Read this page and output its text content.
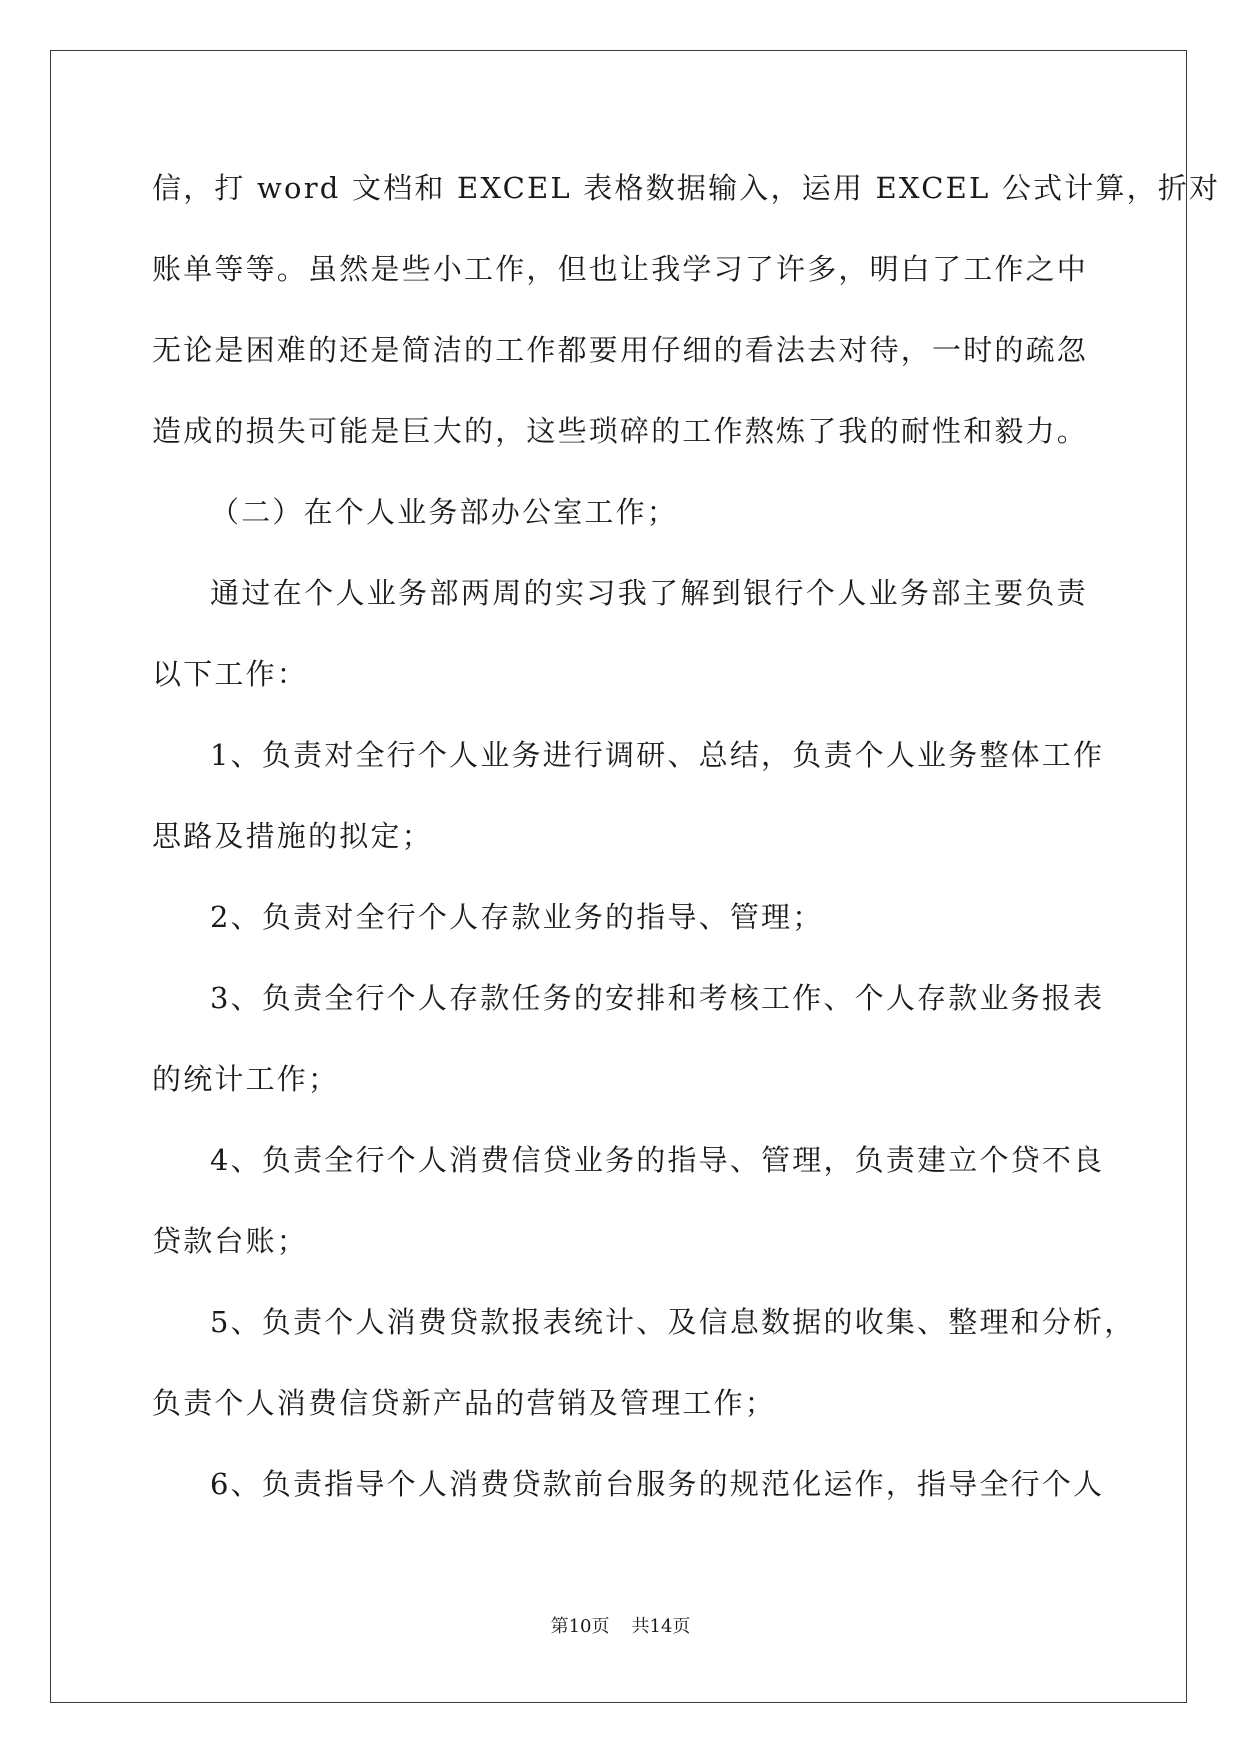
信，打 word 文档和 EXCEL 表格数据输入，运用 EXCEL 公式计算，折对
账单等等。虽然是些小工作，但也让我学习了许多，明白了工作之中
无论是困难的还是简洁的工作都要用仔细的看法去对待，一时的疏忽
造成的损失可能是巨大的，这些琐碎的工作熬炼了我的耐性和毅力。
（二）在个人业务部办公室工作；
通过在个人业务部两周的实习我了解到银行个人业务部主要负责
以下工作：
1、负责对全行个人业务进行调研、总结，负责个人业务整体工作
思路及措施的拟定；
2、负责对全行个人存款业务的指导、管理；
3、负责全行个人存款任务的安排和考核工作、个人存款业务报表
的统计工作；
4、负责全行个人消费信贷业务的指导、管理，负责建立个贷不良
贷款台账；
5、负责个人消费贷款报表统计、及信息数据的收集、整理和分析，
负责个人消费信贷新产品的营销及管理工作；
6、负责指导个人消费贷款前台服务的规范化运作，指导全行个人
第10页 共14页
